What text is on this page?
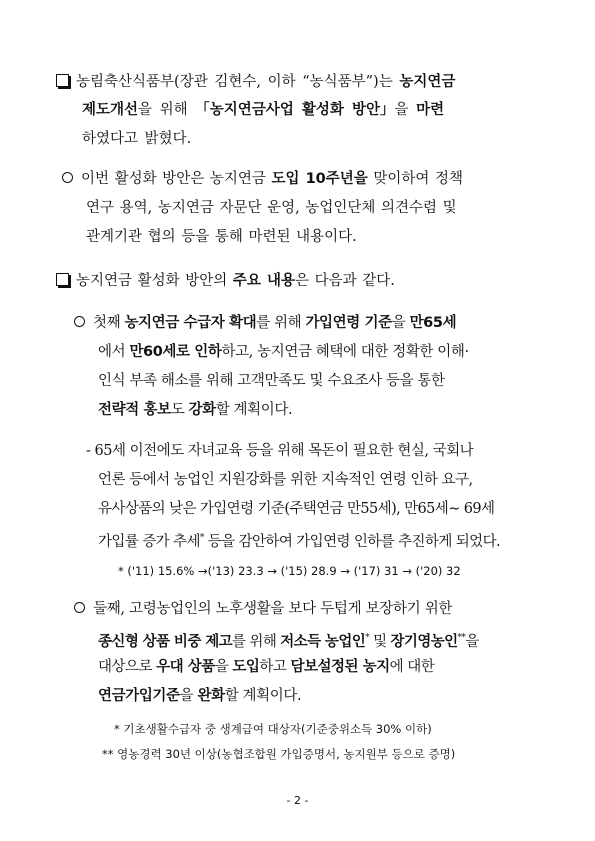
농림축산식품부(장관 김현수, 이하 “농식품부”)는 농지연금
제도개선을 위해 「농지연금사업 활성화 방안」을 마련
하였다고 밝혔다.
이번 활성화 방안은 농지연금 도입 10주년을 맞이하여 정책
연구 용역, 농지연금 자문단 운영, 농업인단체 의견수렴 및
관계기관 협의 등을 통해 마련된 내용이다.
농지연금 활성화 방안의 주요 내용은 다음과 같다.
첫째 농지연금 수급자 확대를 위해 가입연령 기준을 만65세
에서 만60세로 인하하고, 농지연금 혜택에 대한 정확한 이해·
인식 부족 해소를 위해 고객만족도 및 수요조사 등을 통한
전략적 홍보도 강화할 계획이다.
- 65세 이전에도 자녀교육 등을 위해 목돈이 필요한 현실, 국회나
언론 등에서 농업인 지원강화를 위한 지속적인 연령 인하 요구,
유사상품의 낮은 가입연령 기준(주택연금 만55세), 만65세∼ 69세
가입률 증가 추세* 등을 감안하여 가입연령 인하를 추진하게 되었다.
* ('11) 15.6% →('13) 23.3 → ('15) 28.9 → ('17) 31 → ('20) 32
둘째, 고령농업인의 노후생활을 보다 두텁게 보장하기 위한
종신형 상품 비중 제고를 위해 저소득 농업인* 및 장기영농인**을
대상으로 우대 상품을 도입하고 담보설정된 농지에 대한
연금가입기준을 완화할 계획이다.
* 기초생활수급자 중 생계급여 대상자(기준중위소득 30% 이하)
** 영농경력 30년 이상(농협조합원 가입증명서, 농지원부 등으로 증명)
- 2 -
